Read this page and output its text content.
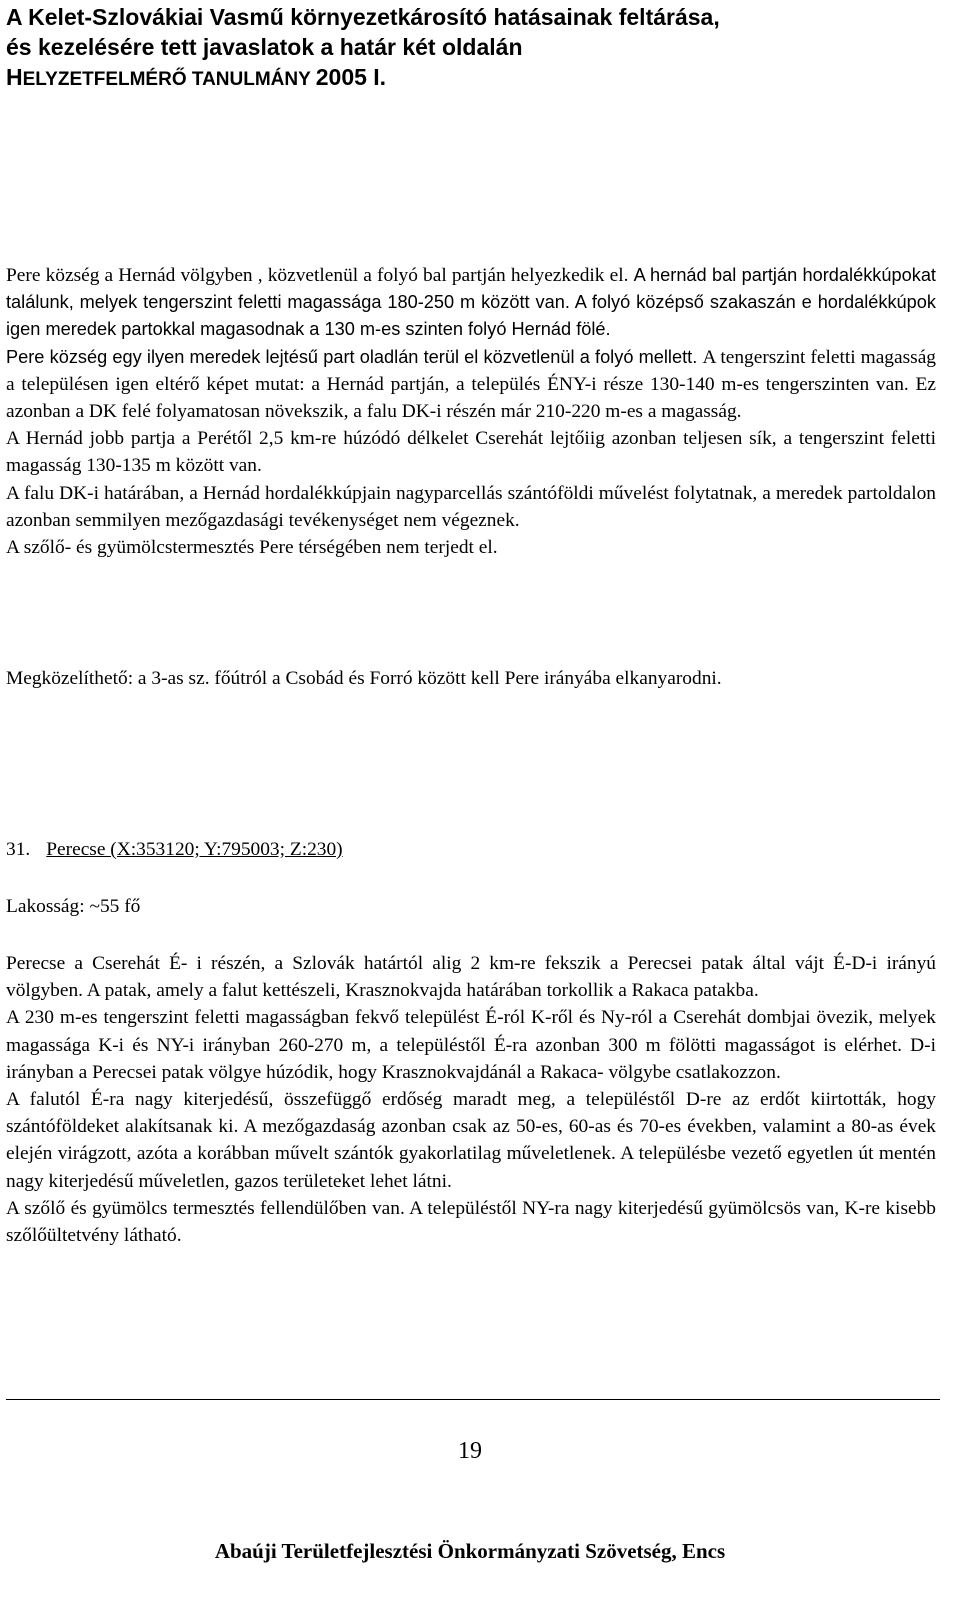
A Kelet-Szlovákiai Vasmű környezetkárosító hatásainak feltárása,
és kezelésére tett javaslatok a határ két oldalán
HELYZETFELMÉRŐ TANULMÁNY 2005 I.

Pere község a Hernád völgyben , közvetlenül a folyó bal partján helyezkedik el. A hernád bal partján hordalékkúpokat találunk, melyek tengerszint feletti magassága 180-250 m között van. A folyó középső szakaszán e hordalékkúpok igen meredek partokkal magasodnak a 130 m-es szinten folyó Hernád fölé.

Pere község egy ilyen meredek lejtésű part oladlán terül el közvetlenül a folyó mellett. A tengerszint feletti magasság a településen igen eltérő képet mutat: a Hernád partján, a település ÉNY-i része 130-140 m-es tengerszinten van. Ez azonban a DK felé folyamatosan növekszik, a falu DK-i részén már 210-220 m-es a magasság.

A Hernád jobb partja a Perétől 2,5 km-re húzódó délkelet Cserehát lejtőiig azonban teljesen sík, a tengerszint feletti magasság 130-135 m között van.

A falu DK-i határában, a Hernád hordalékkúpjain nagyparcellás szántóföldi művelést folytatnak, a meredek partoldalon azonban semmilyen mezőgazdasági tevékenységet nem végeznek.

A szőlő- és gyümölcstermesztés Pere térségében nem terjedt el.

Megközelíthető: a 3-as sz. főútról a Csobád és Forró között kell Pere irányába elkanyarodni.

31. Perecse (X:353120; Y:795003; Z:230)

Lakosság: ~55 fő

Perecse a Cserehát É- i részén, a Szlovák határtól alig 2 km-re fekszik a Perecsei patak által vájt É-D-i irányú völgyben. A patak, amely a falut kettészeli, Krasznokvajda határában torkollik a Rakaca patakba.

A 230 m-es tengerszint feletti magasságban fekvő települést É-ról K-ről és Ny-ról a Cserehát dombjai övezik, melyek magassága K-i és NY-i irányban 260-270 m, a településtől É-ra azonban 300 m fölötti magasságot is elérhet. D-i irányban a Perecsei patak völgye húzódik, hogy Krasznokvajdánál a Rakaca- völgybe csatlakozzon.

A falutól É-ra nagy kiterjedésű, összefüggő erdőség maradt meg, a településtől D-re az erdőt kiirtották, hogy szántóföldeket alakítsanak ki. A mezőgazdaság azonban csak az 50-es, 60-as és 70-es években, valamint a 80-as évek elején virágzott, azóta a korábban művelt szántók gyakorlatilag műveletlenek. A településbe vezető egyetlen út mentén nagy kiterjedésű műveletlen, gazos területeket lehet látni.

A szőlő és gyümölcs termesztés fellendülőben van. A településtől NY-ra nagy kiterjedésű gyümölcsös van, K-re kisebb szőlőültetvény látható.

19
Abaúji Területfejlesztési Önkormányzati Szövetség, Encs
